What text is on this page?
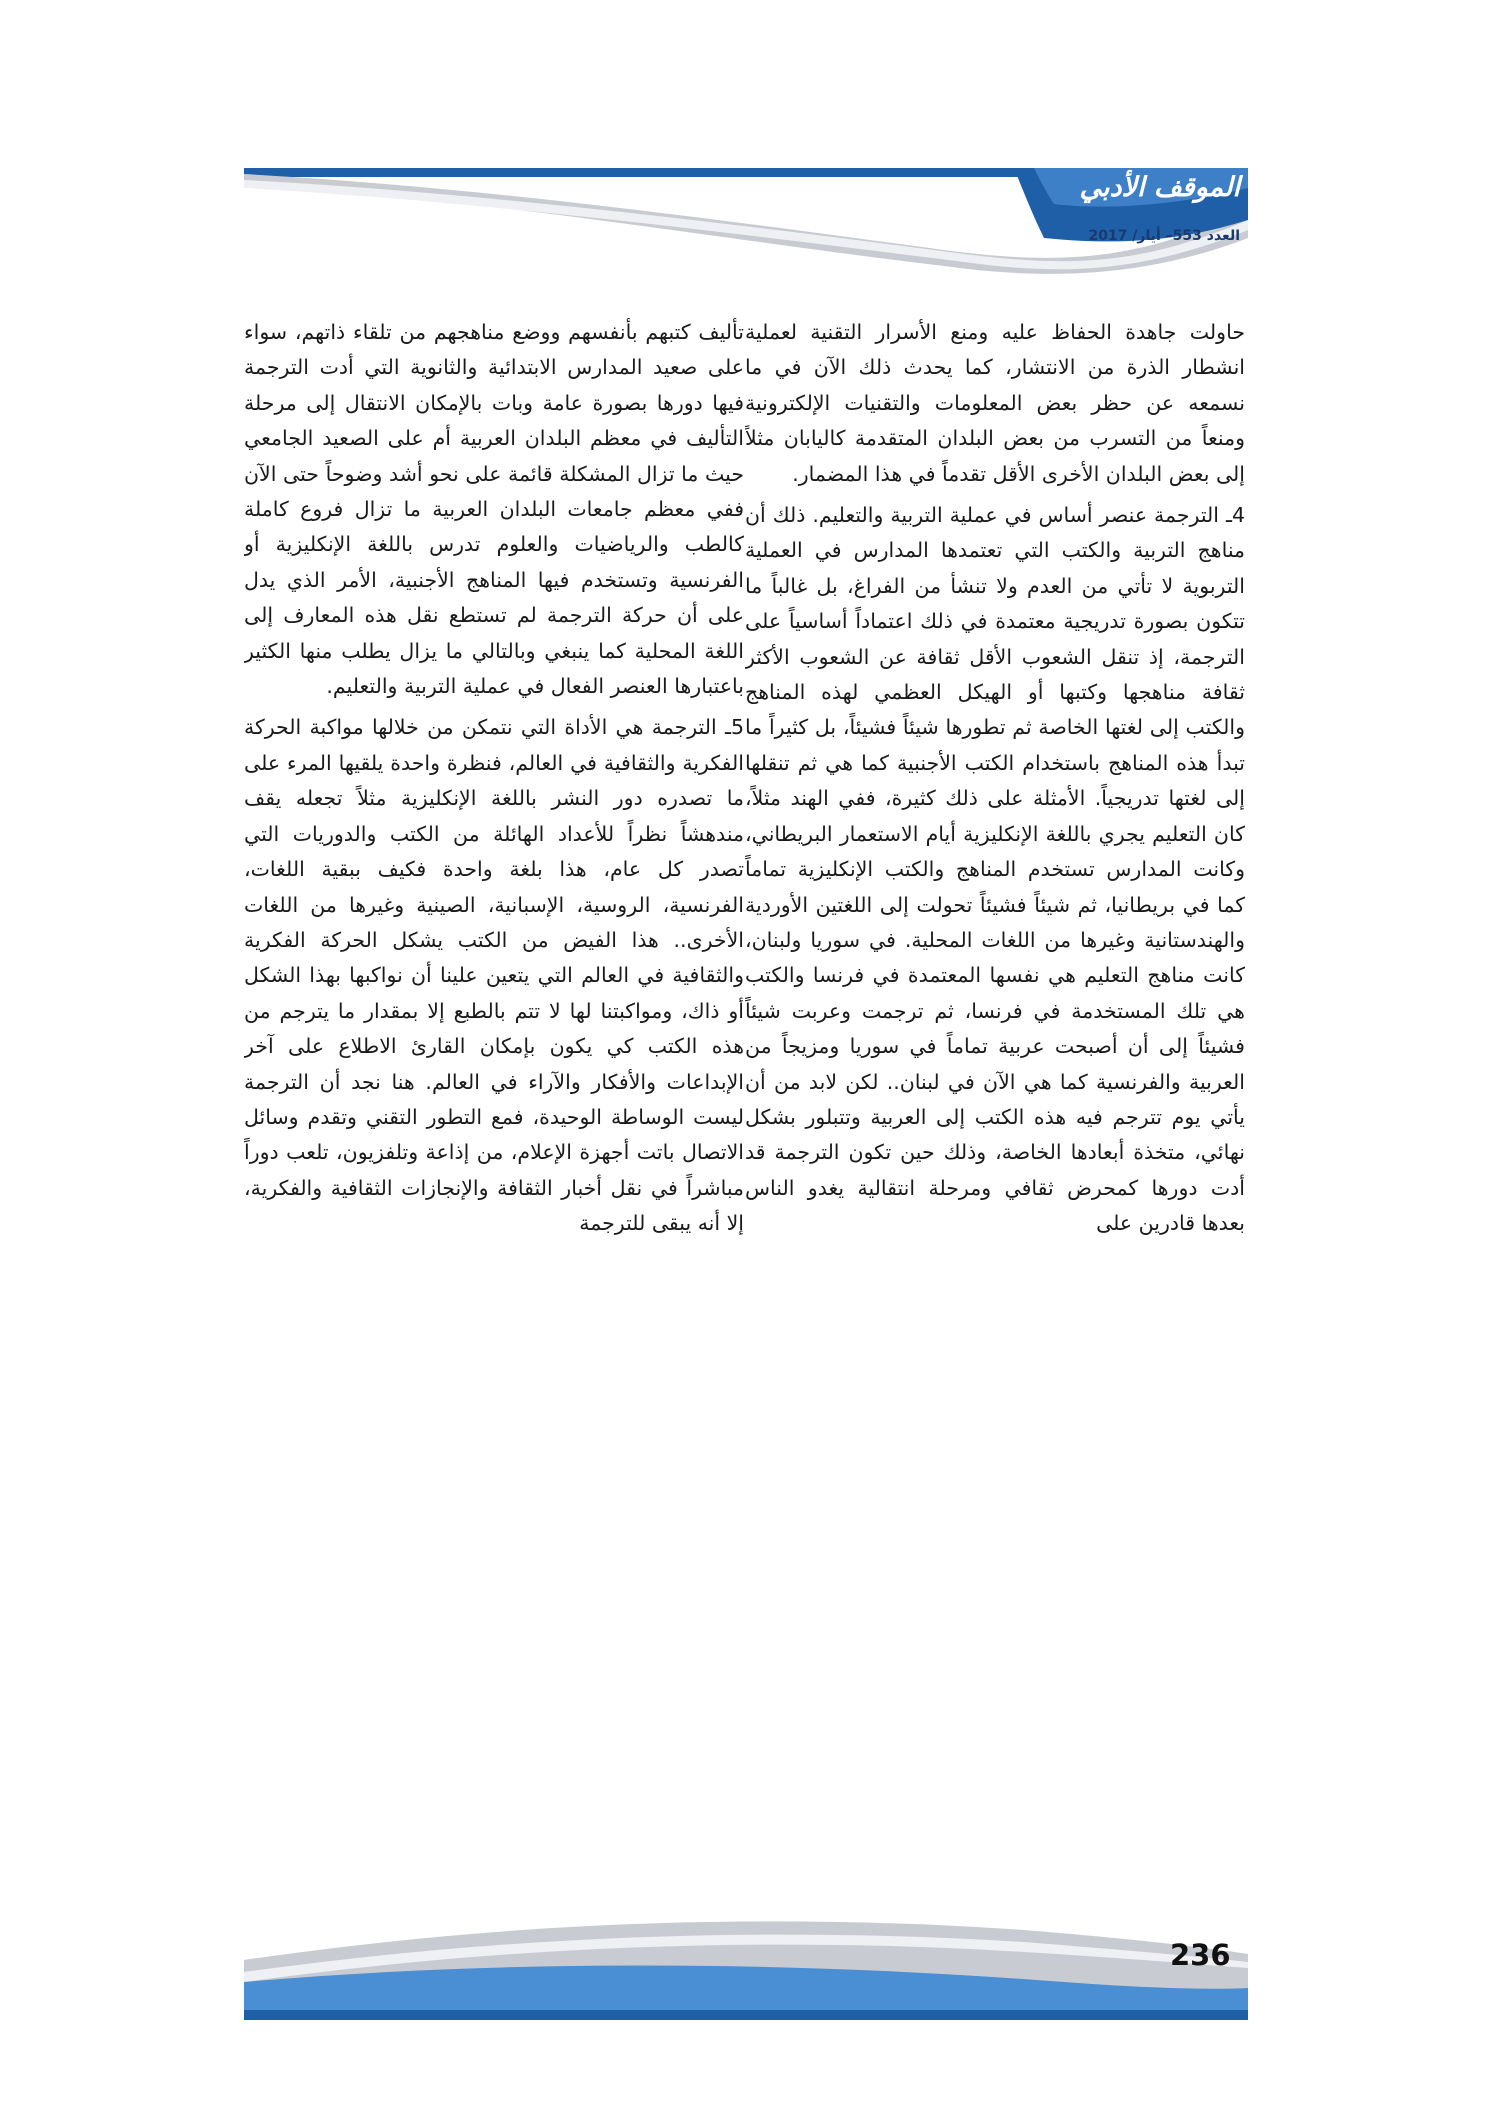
الموقف الأدبي
العدد 553– أيار/ 2017

حاولت جاهدة الحفاظ عليه ومنع الأسرار التقنية لعملية انشطار الذرة من الانتشار، كما يحدث ذلك الآن في ما نسمعه عن حظر بعض المعلومات والتقنيات الإلكترونية ومنعاً من التسرب من بعض البلدان المتقدمة كاليابان مثلاً إلى بعض البلدان الأخرى الأقل تقدماً في هذا المضمار.

4ـ الترجمة عنصر أساس في عملية التربية والتعليم. ذلك أن مناهج التربية والكتب التي تعتمدها المدارس في العملية التربوية لا تأتي من العدم ولا تنشأ من الفراغ، بل غالباً ما تتكون بصورة تدريجية معتمدة في ذلك اعتماداً أساسياً على الترجمة، إذ تنقل الشعوب الأقل ثقافة عن الشعوب الأكثر ثقافة مناهجها وكتبها أو الهيكل العظمي لهذه المناهج والكتب إلى لغتها الخاصة ثم تطورها شيئاً فشيئاً، بل كثيراً ما تبدأ هذه المناهج باستخدام الكتب الأجنبية كما هي ثم تنقلها إلى لغتها تدريجياً. الأمثلة على ذلك كثيرة، ففي الهند مثلاً، كان التعليم يجري باللغة الإنكليزية أيام الاستعمار البريطاني، وكانت المدارس تستخدم المناهج والكتب الإنكليزية تماماً كما في بريطانيا، ثم شيئاً فشيئاً تحولت إلى اللغتين الأوردية والهندستانية وغيرها من اللغات المحلية. في سوريا ولبنان، كانت مناهج التعليم هي نفسها المعتمدة في فرنسا والكتب هي تلك المستخدمة في فرنسا، ثم ترجمت وعربت شيئاً فشيئاً إلى أن أصبحت عربية تماماً في سوريا ومزيجاً من العربية والفرنسية كما هي الآن في لبنان.. لكن لابد من أن يأتي يوم تترجم فيه هذه الكتب إلى العربية وتتبلور بشكل نهائي، متخذة أبعادها الخاصة، وذلك حين تكون الترجمة قد أدت دورها كمحرض ثقافي ومرحلة انتقالية يغدو الناس بعدها قادرين على

تأليف كتبهم بأنفسهم ووضع مناهجهم من تلقاء ذاتهم، سواء على صعيد المدارس الابتدائية والثانوية التي أدت الترجمة فيها دورها بصورة عامة وبات بالإمكان الانتقال إلى مرحلة التأليف في معظم البلدان العربية أم على الصعيد الجامعي حيث ما تزال المشكلة قائمة على نحو أشد وضوحاً حتى الآن ففي معظم جامعات البلدان العربية ما تزال فروع كاملة كالطب والرياضيات والعلوم تدرس باللغة الإنكليزية أو الفرنسية وتستخدم فيها المناهج الأجنبية، الأمر الذي يدل على أن حركة الترجمة لم تستطع نقل هذه المعارف إلى اللغة المحلية كما ينبغي وبالتالي ما يزال يطلب منها الكثير باعتبارها العنصر الفعال في عملية التربية والتعليم.

5ـ الترجمة هي الأداة التي نتمكن من خلالها مواكبة الحركة الفكرية والثقافية في العالم، فنظرة واحدة يلقيها المرء على ما تصدره دور النشر باللغة الإنكليزية مثلاً تجعله يقف مندهشاً نظراً للأعداد الهائلة من الكتب والدوريات التي تصدر كل عام، هذا بلغة واحدة فكيف ببقية اللغات، الفرنسية، الروسية، الإسبانية، الصينية وغيرها من اللغات الأخرى.. هذا الفيض من الكتب يشكل الحركة الفكرية والثقافية في العالم التي يتعين علينا أن نواكبها بهذا الشكل أو ذاك، ومواكبتنا لها لا تتم بالطبع إلا بمقدار ما يترجم من هذه الكتب كي يكون بإمكان القارئ الاطلاع على آخر الإبداعات والأفكار والآراء في العالم. هنا نجد أن الترجمة ليست الوساطة الوحيدة، فمع التطور التقني وتقدم وسائل الاتصال باتت أجهزة الإعلام، من إذاعة وتلفزيون، تلعب دوراً مباشراً في نقل أخبار الثقافة والإنجازات الثقافية والفكرية، إلا أنه يبقى للترجمة

236
